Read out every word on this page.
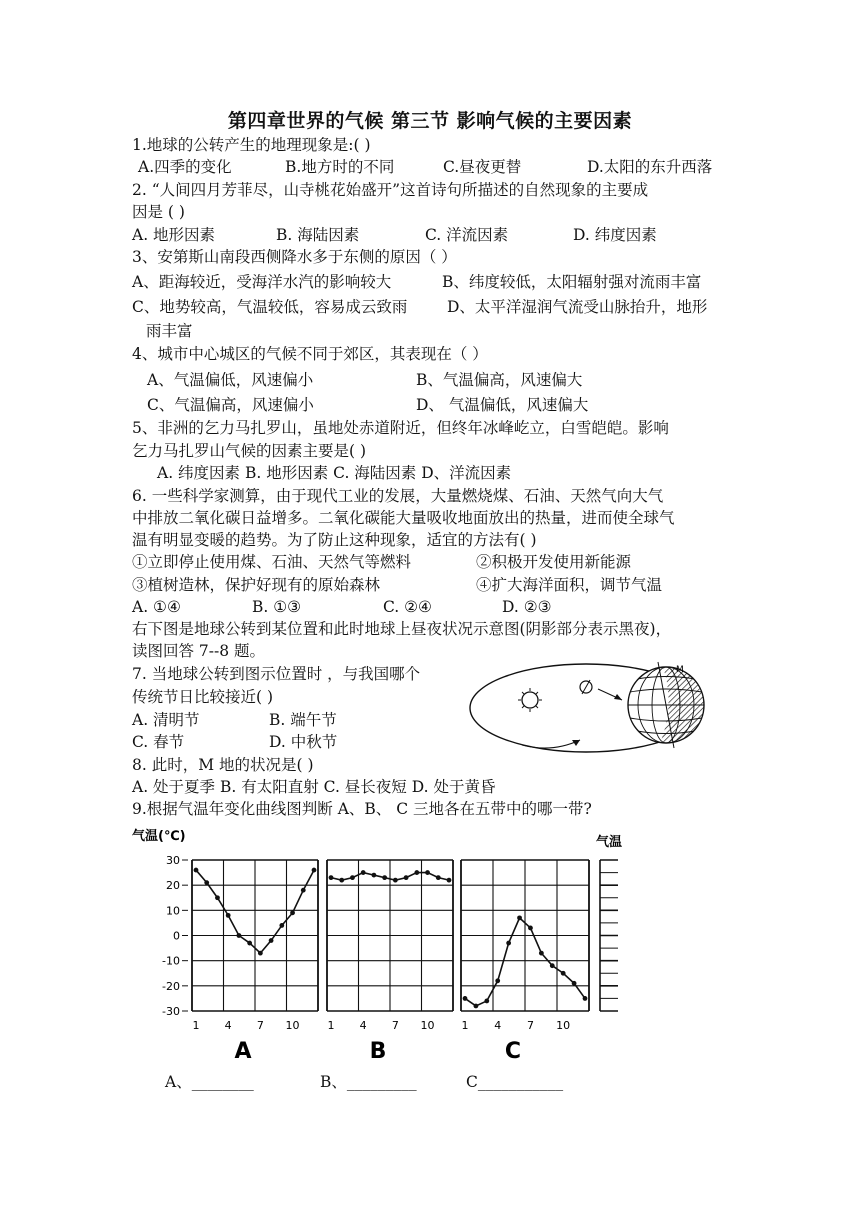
第四章世界的气候 第三节 影响气候的主要因素
1.地球的公转产生的地理现象是:( )
A.四季的变化	B.地方时的不同	C.昼夜更替	D.太阳的东升西落
2. “人间四月芳菲尽，山寺桃花始盛开”这首诗句所描述的自然现象的主要成
因是 ( )
A. 地形因素	B. 海陆因素	C. 洋流因素	D. 纬度因素
3、安第斯山南段西侧降水多于东侧的原因（ ）
A、距海较近，受海洋水汽的影响较大	B、纬度较低，太阳辐射强对流雨丰富
C、地势较高，气温较低，容易成云致雨	D、太平洋湿润气流受山脉抬升，地形
雨丰富
4、城市中心城区的气候不同于郊区，其表现在（ ）
A、气温偏低，风速偏小	B、气温偏高，风速偏大
C、气温偏高，风速偏小	D、 气温偏低，风速偏大
5、非洲的乞力马扎罗山，虽地处赤道附近，但终年冰峰屹立，白雪皑皑。影响
乞力马扎罗山气候的因素主要是( )
A. 纬度因素 B. 地形因素 C. 海陆因素 D、洋流因素
6. 一些科学家测算，由于现代工业的发展，大量燃烧煤、石油、天然气向大气
中排放二氧化碳日益增多。二氧化碳能大量吸收地面放出的热量，进而使全球气
温有明显变暖的趋势。为了防止这种现象，适宜的方法有( )
①立即停止使用煤、石油、天然气等燃料	②积极开发使用新能源
③植树造林，保护好现有的原始森林	④扩大海洋面积，调节气温
A. ①④	B. ①③	C. ②④	D. ②③
右下图是地球公转到某位置和此时地球上昼夜状况示意图(阴影部分表示黑夜)，
读图回答 7--8 题。
7. 当地球公转到图示位置时 ，与我国哪个
传统节日比较接近( )
A. 清明节	B. 端午节
C. 春节	D. 中秋节
M
8. 此时，M 地的状况是( )
A. 处于夏季 B. 有太阳直射 C. 昼长夜短 D. 处于黄昏
9.根据气温年变化曲线图判断 A、B、 C 三地各在五带中的哪一带?
气温(℃)	气温
30
20
10
0
-10
-20
-30
1 4 7 10
A
1 4 7 10
B
1 4 7 10
C
A、________	B、_________	C___________
